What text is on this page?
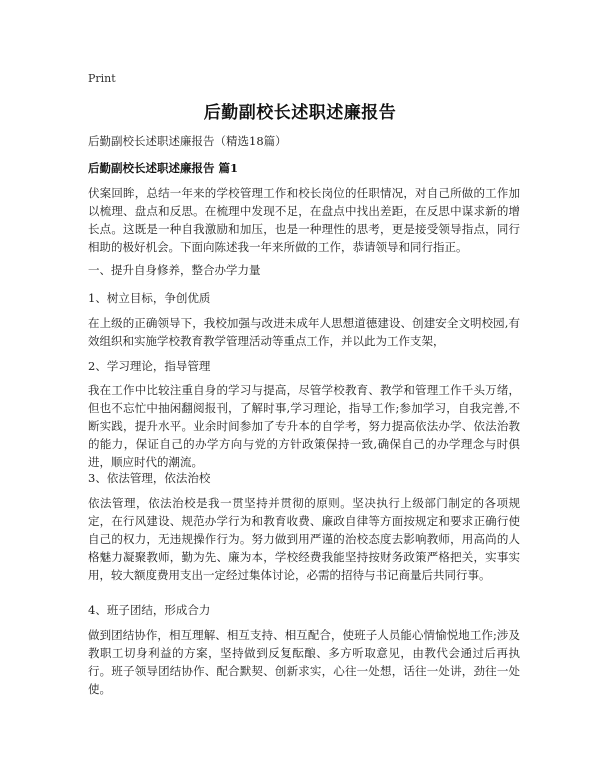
Print
后勤副校长述职述廉报告
后勤副校长述职述廉报告（精选18篇）
后勤副校长述职述廉报告 篇1

伏案回眸，总结一年来的学校管理工作和校长岗位的任职情况，对自己所做的工作加以梳理、盘点和反思。在梳理中发现不足，在盘点中找出差距，在反思中谋求新的增长点。这既是一种自我激励和加压，也是一种理性的思考，更是接受领导指点，同行相助的极好机会。下面向陈述我一年来所做的工作，恭请领导和同行指正。

一、提升自身修养，整合办学力量

1、树立目标，争创优质

在上级的正确领导下，我校加强与改进未成年人思想道德建设、创建安全文明校园,有效组织和实施学校教育教学管理活动等重点工作，并以此为工作支架，

2、学习理论，指导管理

我在工作中比较注重自身的学习与提高，尽管学校教育、教学和管理工作千头万绪，但也不忘忙中抽闲翻阅报刊，了解时事,学习理论，指导工作;参加学习，自我完善,不断实践，提升水平。业余时间参加了专升本的自学考，努力提高依法办学、依法治教的能力，保证自己的办学方向与党的方针政策保持一致,确保自己的办学理念与时俱进，顺应时代的潮流。

3、依法管理，依法治校

依法管理，依法治校是我一贯坚持并贯彻的原则。坚决执行上级部门制定的各项规定，在行风建设、规范办学行为和教育收费、廉政自律等方面按规定和要求正确行使自己的权力，无违规操作行为。努力做到用严谨的治校态度去影响教师，用高尚的人格魅力凝聚教师，勤为先、廉为本，学校经费我能坚持按财务政策严格把关，实事实用，较大额度费用支出一定经过集体讨论，必需的招待与书记商量后共同行事。

4、班子团结，形成合力

做到团结协作，相互理解、相互支持、相互配合，使班子人员能心情愉悦地工作;涉及教职工切身利益的方案，坚持做到反复酝酿、多方听取意见，由教代会通过后再执行。班子领导团结协作、配合默契、创新求实，心往一处想，话往一处讲，劲往一处使。
